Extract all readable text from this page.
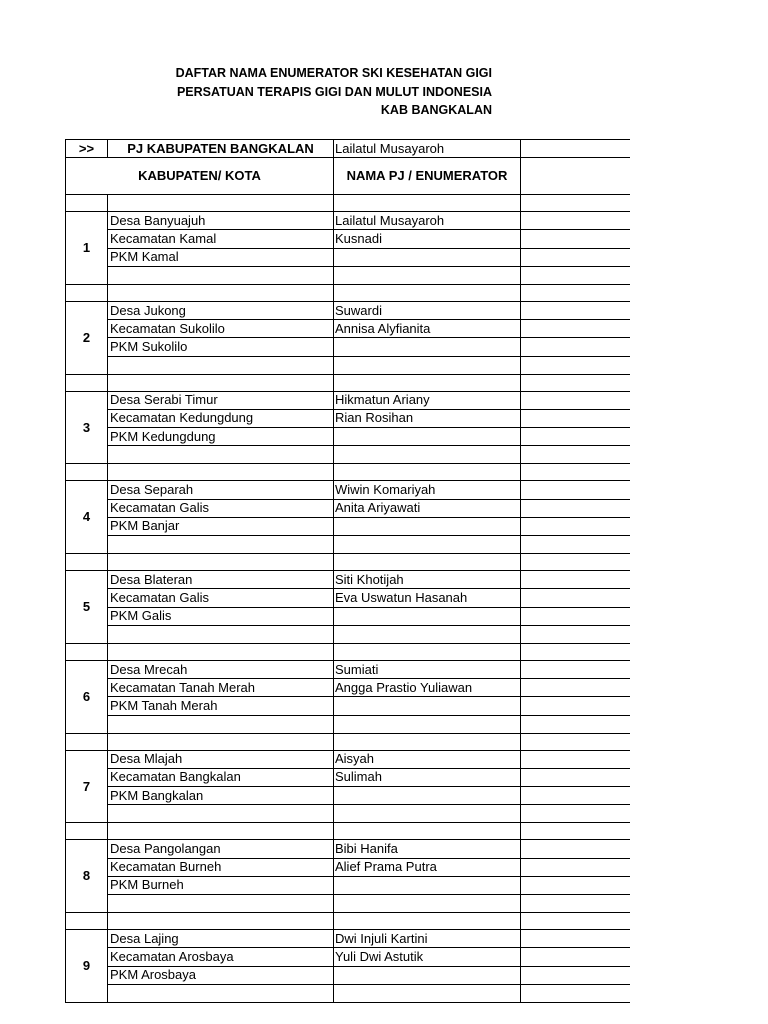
DAFTAR NAMA ENUMERATOR SKI KESEHATAN GIGI
PERSATUAN TERAPIS GIGI DAN MULUT INDONESIA
KAB BANGKALAN
>>	PJ KABUPATEN BANGKALAN	Lailatul Musayaroh	
KABUPATEN/ KOTA		NAMA PJ / ENUMERATOR	

1	Desa Banyuajuh	Lailatul Musayaroh	
	Kecamatan Kamal	Kusnadi	
	PKM Kamal		

2	Desa Jukong	Suwardi	
	Kecamatan Sukolilo	Annisa Alyfianita	
	PKM Sukolilo		

3	Desa Serabi Timur	Hikmatun Ariany	
	Kecamatan Kedungdung	Rian Rosihan	
	PKM Kedungdung		

4	Desa Separah	Wiwin Komariyah	
	Kecamatan Galis	Anita Ariyawati	
	PKM Banjar		

5	Desa Blateran	Siti Khotijah	
	Kecamatan Galis	Eva Uswatun Hasanah	
	PKM Galis		

6	Desa Mrecah	Sumiati	
	Kecamatan Tanah Merah	Angga Prastio Yuliawan	
	PKM Tanah Merah		

7	Desa Mlajah	Aisyah	
	Kecamatan Bangkalan	Sulimah	
	PKM Bangkalan		

8	Desa Pangolangan	Bibi Hanifa	
	Kecamatan Burneh	Alief Prama Putra	
	PKM Burneh		

9	Desa Lajing	Dwi Injuli Kartini	
	Kecamatan Arosbaya	Yuli Dwi Astutik	
	PKM Arosbaya		
